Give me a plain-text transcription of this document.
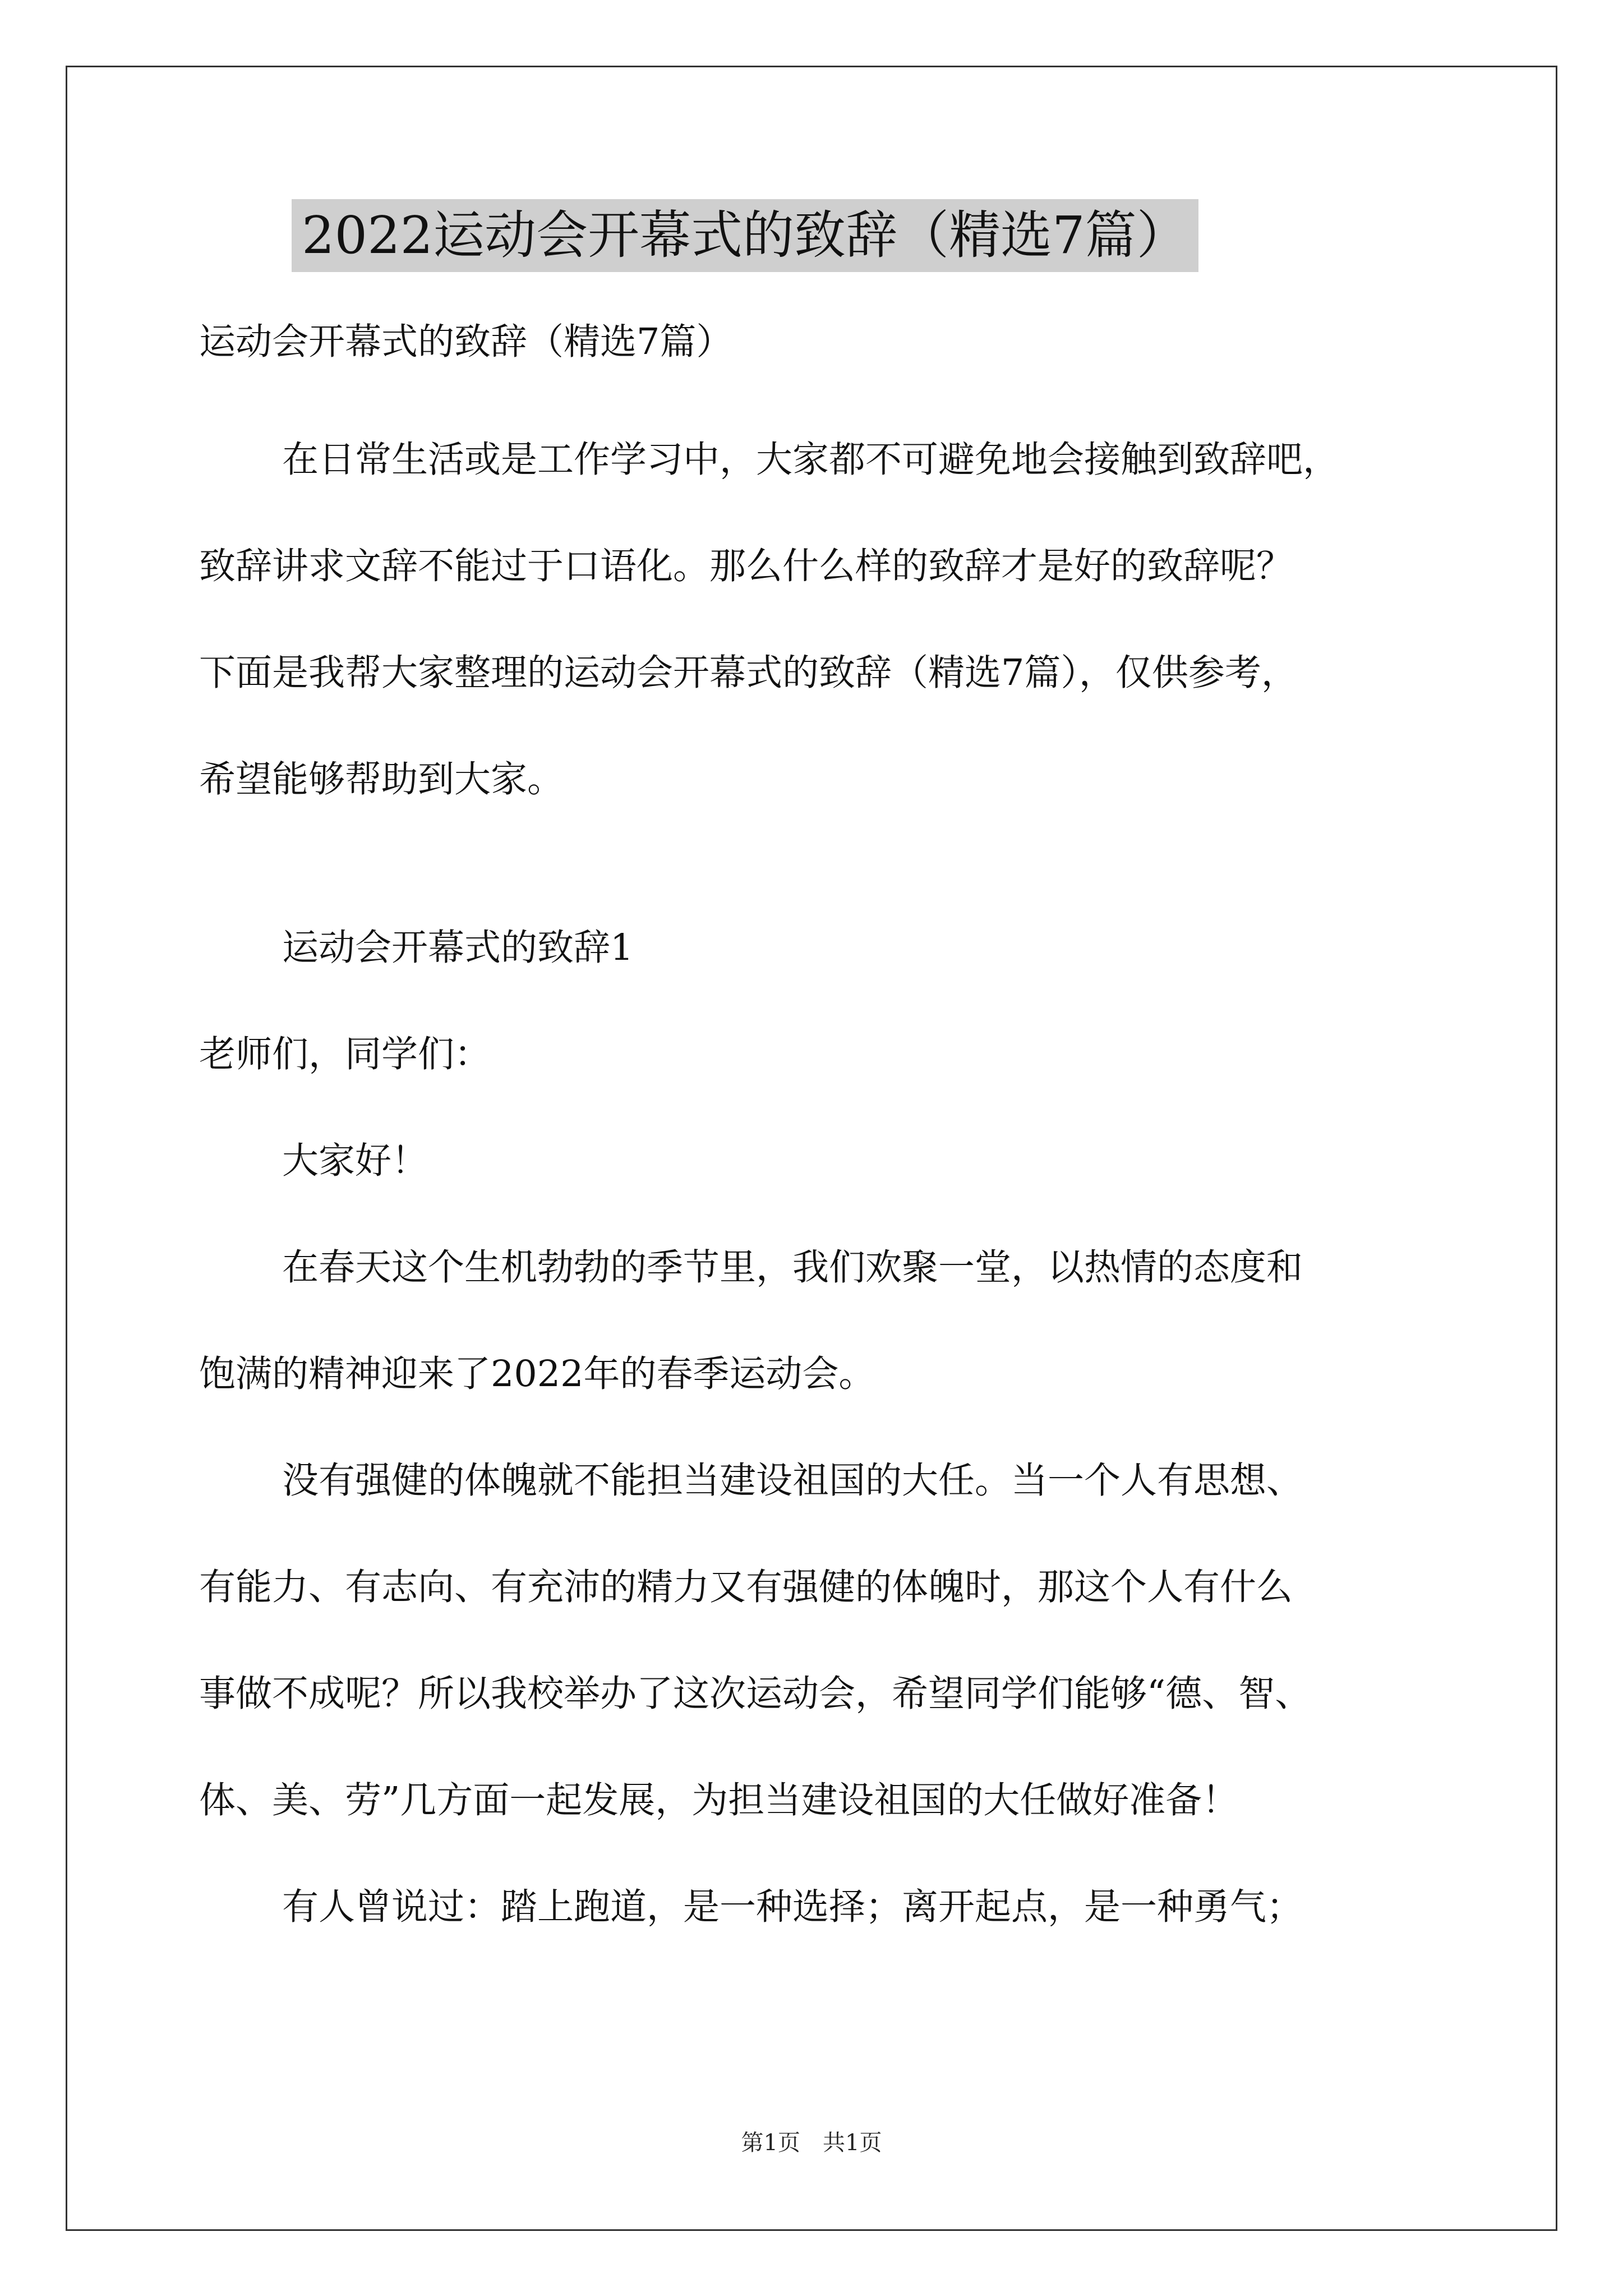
2022运动会开幕式的致辞（精选7篇）
运动会开幕式的致辞（精选7篇）
在日常生活或是工作学习中，大家都不可避免地会接触到致辞吧，
致辞讲求文辞不能过于口语化。那么什么样的致辞才是好的致辞呢？
下面是我帮大家整理的运动会开幕式的致辞（精选7篇），仅供参考，
希望能够帮助到大家。
运动会开幕式的致辞1
老师们，同学们：
大家好！
在春天这个生机勃勃的季节里，我们欢聚一堂，以热情的态度和
饱满的精神迎来了2022年的春季运动会。
没有强健的体魄就不能担当建设祖国的大任。当一个人有思想、
有能力、有志向、有充沛的精力又有强健的体魄时，那这个人有什么
事做不成呢？所以我校举办了这次运动会，希望同学们能够“德、智、
体、美、劳”几方面一起发展，为担当建设祖国的大任做好准备！
第1页　共1页
有人曾说过：踏上跑道，是一种选择；离开起点，是一种勇气；
